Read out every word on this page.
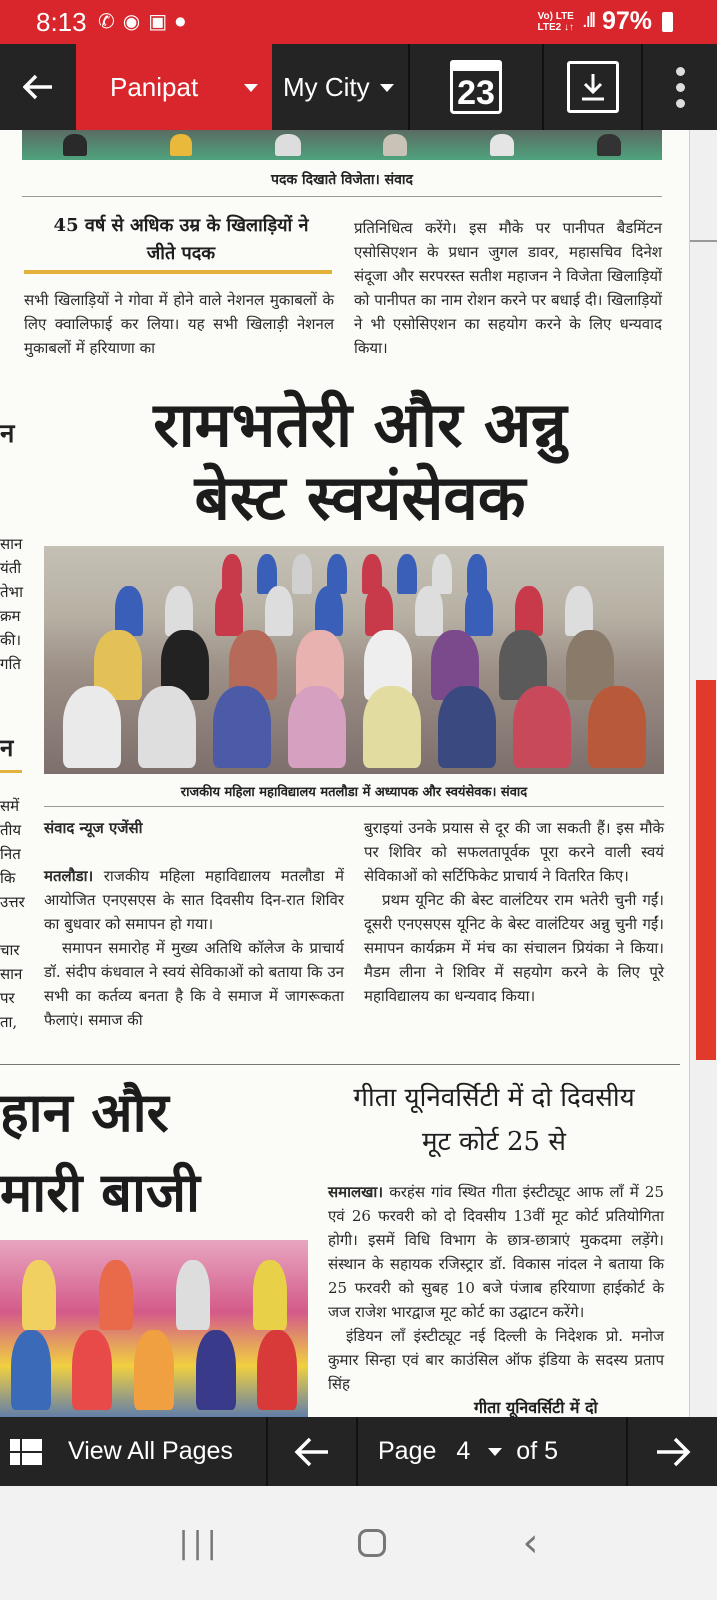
8:13 ✆ ◉ ▣ ●	Vo) LTE
LTE2 ↓↑ .ıll 97%
Panipat	My City	23
न
सान
यंती
तेभा
क्रम
की।
गति
न
समें
तीय
नित
कि
उत्तर
चार
सान
पर
ता,
पदक दिखाते विजेता। संवाद
45 वर्ष से अधिक उम्र के खिलाड़ियों ने
जीते पदक
सभी खिलाड़ियों ने गोवा में होने वाले नेशनल मुकाबलों के लिए क्वालिफाई कर लिया। यह सभी खिलाड़ी नेशनल मुकाबलों में हरियाणा का
प्रतिनिधित्व करेंगे। इस मौके पर पानीपत बैडमिंटन एसोसिएशन के प्रधान जुगल डावर, महासचिव दिनेश संदूजा और सरपरस्त सतीश महाजन ने विजेता खिलाड़ियों को पानीपत का नाम रोशन करने पर बधाई दी। खिलाड़ियों ने भी एसोसिएशन का सहयोग करने के लिए धन्यवाद किया।
रामभतेरी और अन्नु
बेस्ट स्वयंसेवक
राजकीय महिला महाविद्यालय मतलौडा में अध्यापक और स्वयंसेवक। संवाद
संवाद न्यूज एजेंसी

मतलौडा। राजकीय महिला महाविद्यालय मतलौडा में आयोजित एनएसएस के सात दिवसीय दिन-रात शिविर का बुधवार को समापन हो गया।

समापन समारोह में मुख्य अतिथि कॉलेज के प्राचार्य डॉ. संदीप कंधवाल ने स्वयं सेविकाओं को बताया कि उन सभी का कर्तव्य बनता है कि वे समाज में जागरूकता फैलाएं। समाज की

बुराइयां उनके प्रयास से दूर की जा सकती हैं। इस मौके पर शिविर को सफलतापूर्वक पूरा करने वाली स्वयं सेविकाओं को सर्टिफिकेट प्राचार्य ने वितरित किए।

प्रथम यूनिट की बेस्ट वालंटियर राम भतेरी चुनी गईं। दूसरी एनएसएस यूनिट के बेस्ट वालंटियर अन्नु चुनी गईं। समापन कार्यक्रम में मंच का संचालन प्रियंका ने किया। मैडम लीना ने शिविर में सहयोग करने के लिए पूरे महाविद्यालय का धन्यवाद किया।

हान और
मारी बाजी
गीता यूनिवर्सिटी में दो दिवसीय
मूट कोर्ट 25 से

समालखा। करहंस गांव स्थित गीता इंस्टीट्यूट आफ लॉं में 25 एवं 26 फरवरी को दो दिवसीय 13वीं मूट कोर्ट प्रतियोगिता होगी। इसमें विधि विभाग के छात्र-छात्राएं मुकदमा लड़ेंगे। संस्थान के सहायक रजिस्ट्रार डॉ. विकास नांदल ने बताया कि 25 फरवरी को सुबह 10 बजे पंजाब हरियाणा हाईकोर्ट के जज राजेश भारद्वाज मूट कोर्ट का उद्घाटन करेंगे।

इंडियन लॉं इंस्टीट्यूट नई दिल्ली के निदेशक प्रो. मनोज कुमार सिन्हा एवं बार काउंसिल ऑफ इंडिया के सदस्य प्रताप सिंह

गीता यूनिवर्सिटी में दो
View All Pages	Page 4 of 5
|||	‹
